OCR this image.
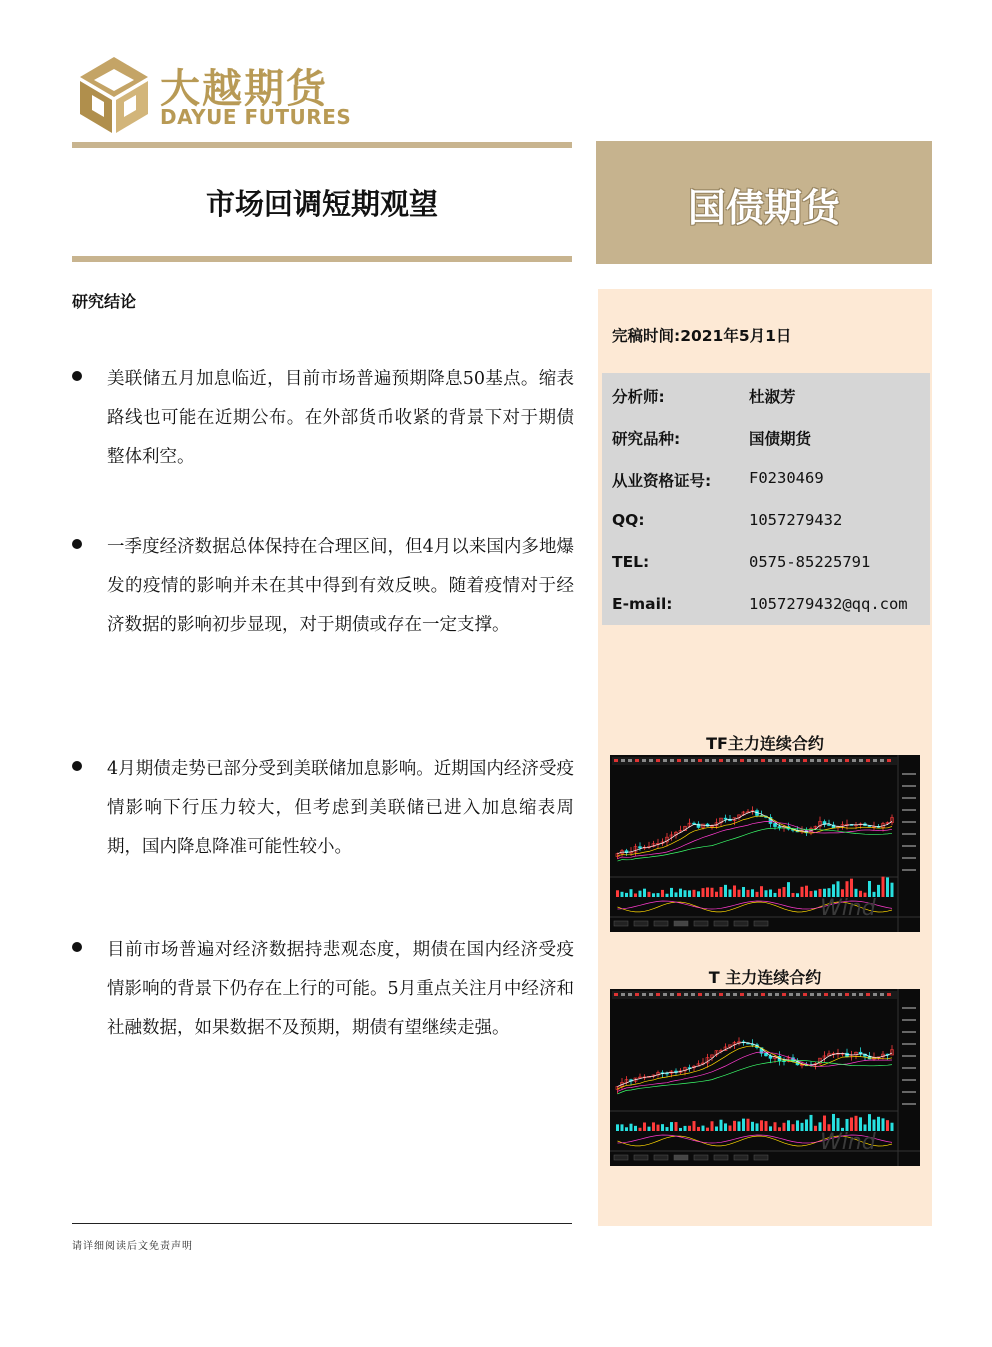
大越期货
DAYUE FUTURES
市场回调短期观望	国债期货
研究结论
美联储五月加息临近，目前市场普遍预期降息50基点。缩表路线也可能在近期公布。在外部货币收紧的背景下对于期债整体利空。
一季度经济数据总体保持在合理区间，但4月以来国内多地爆发的疫情的影响并未在其中得到有效反映。随着疫情对于经济数据的影响初步显现，对于期债或存在一定支撑。
4月期债走势已部分受到美联储加息影响。近期国内经济受疫情影响下行压力较大，但考虑到美联储已进入加息缩表周期，国内降息降准可能性较小。
目前市场普遍对经济数据持悲观态度，期债在国内经济受疫情影响的背景下仍存在上行的可能。5月重点关注月中经济和社融数据，如果数据不及预期，期债有望继续走强。
完稿时间:2021年5月1日
分析师:	杜淑芳
研究品种:	国债期货
从业资格证号: F0230469
QQ:	1057279432
TEL:	0575-85225791
E-mail:	1057279432@qq.com
TF主力连续合约
Wind
T 主力连续合约
Wind
请详细阅读后文免责声明
